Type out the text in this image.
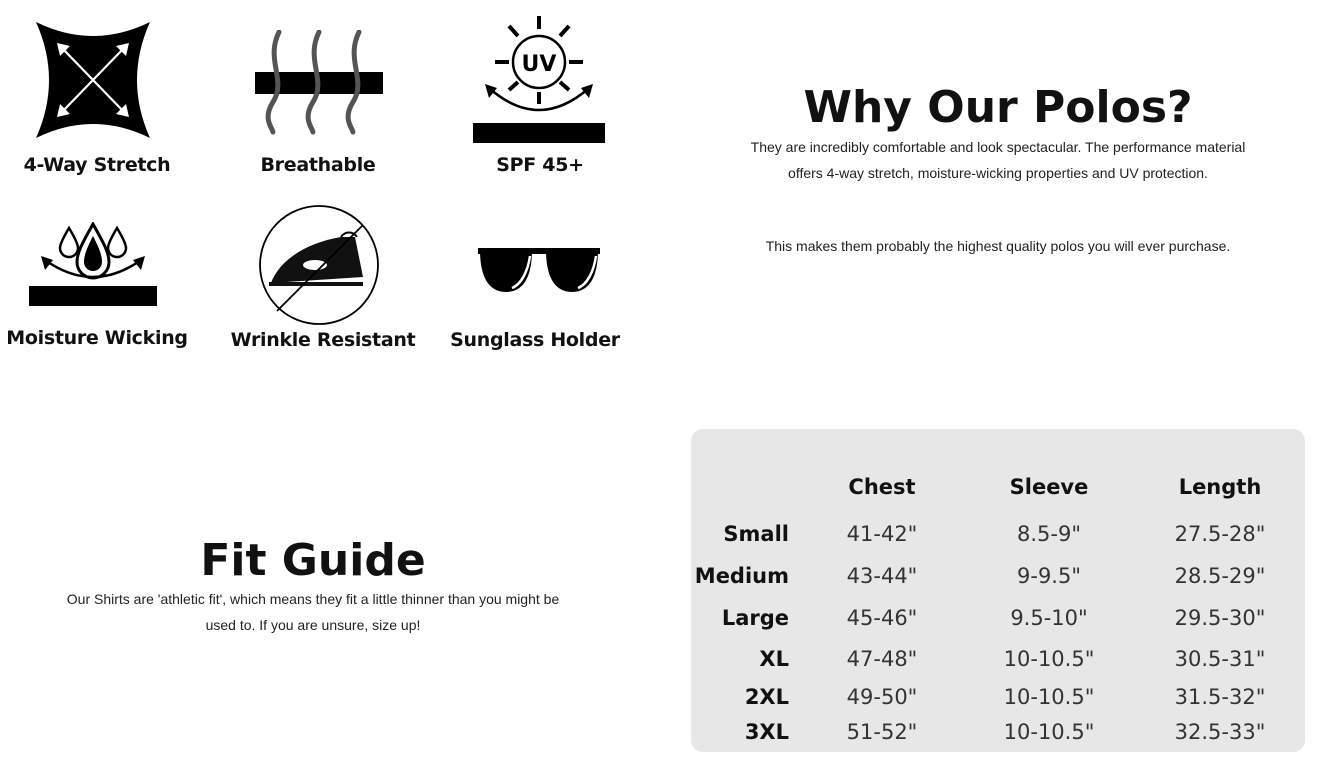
4-Way Stretch	Breathable
UV
SPF 45+
Moisture Wicking	Wrinkle Resistant	Sunglass Holder
Why Our Polos?
They are incredibly comfortable and look spectacular. The performance material offers 4-way stretch, moisture-wicking properties and UV protection.
This makes them probably the highest quality polos you will ever purchase.
Fit Guide
Our Shirts are 'athletic fit', which means they fit a little thinner than you might be used to. If you are unsure, size up!
	Chest	Sleeve	Length
Small	41-42"	8.5-9"	27.5-28"
Medium	43-44"	9-9.5"	28.5-29"
Large	45-46"	9.5-10"	29.5-30"
XL	47-48"	10-10.5"	30.5-31"
2XL	49-50"	10-10.5"	31.5-32"
3XL	51-52"	10-10.5"	32.5-33"
